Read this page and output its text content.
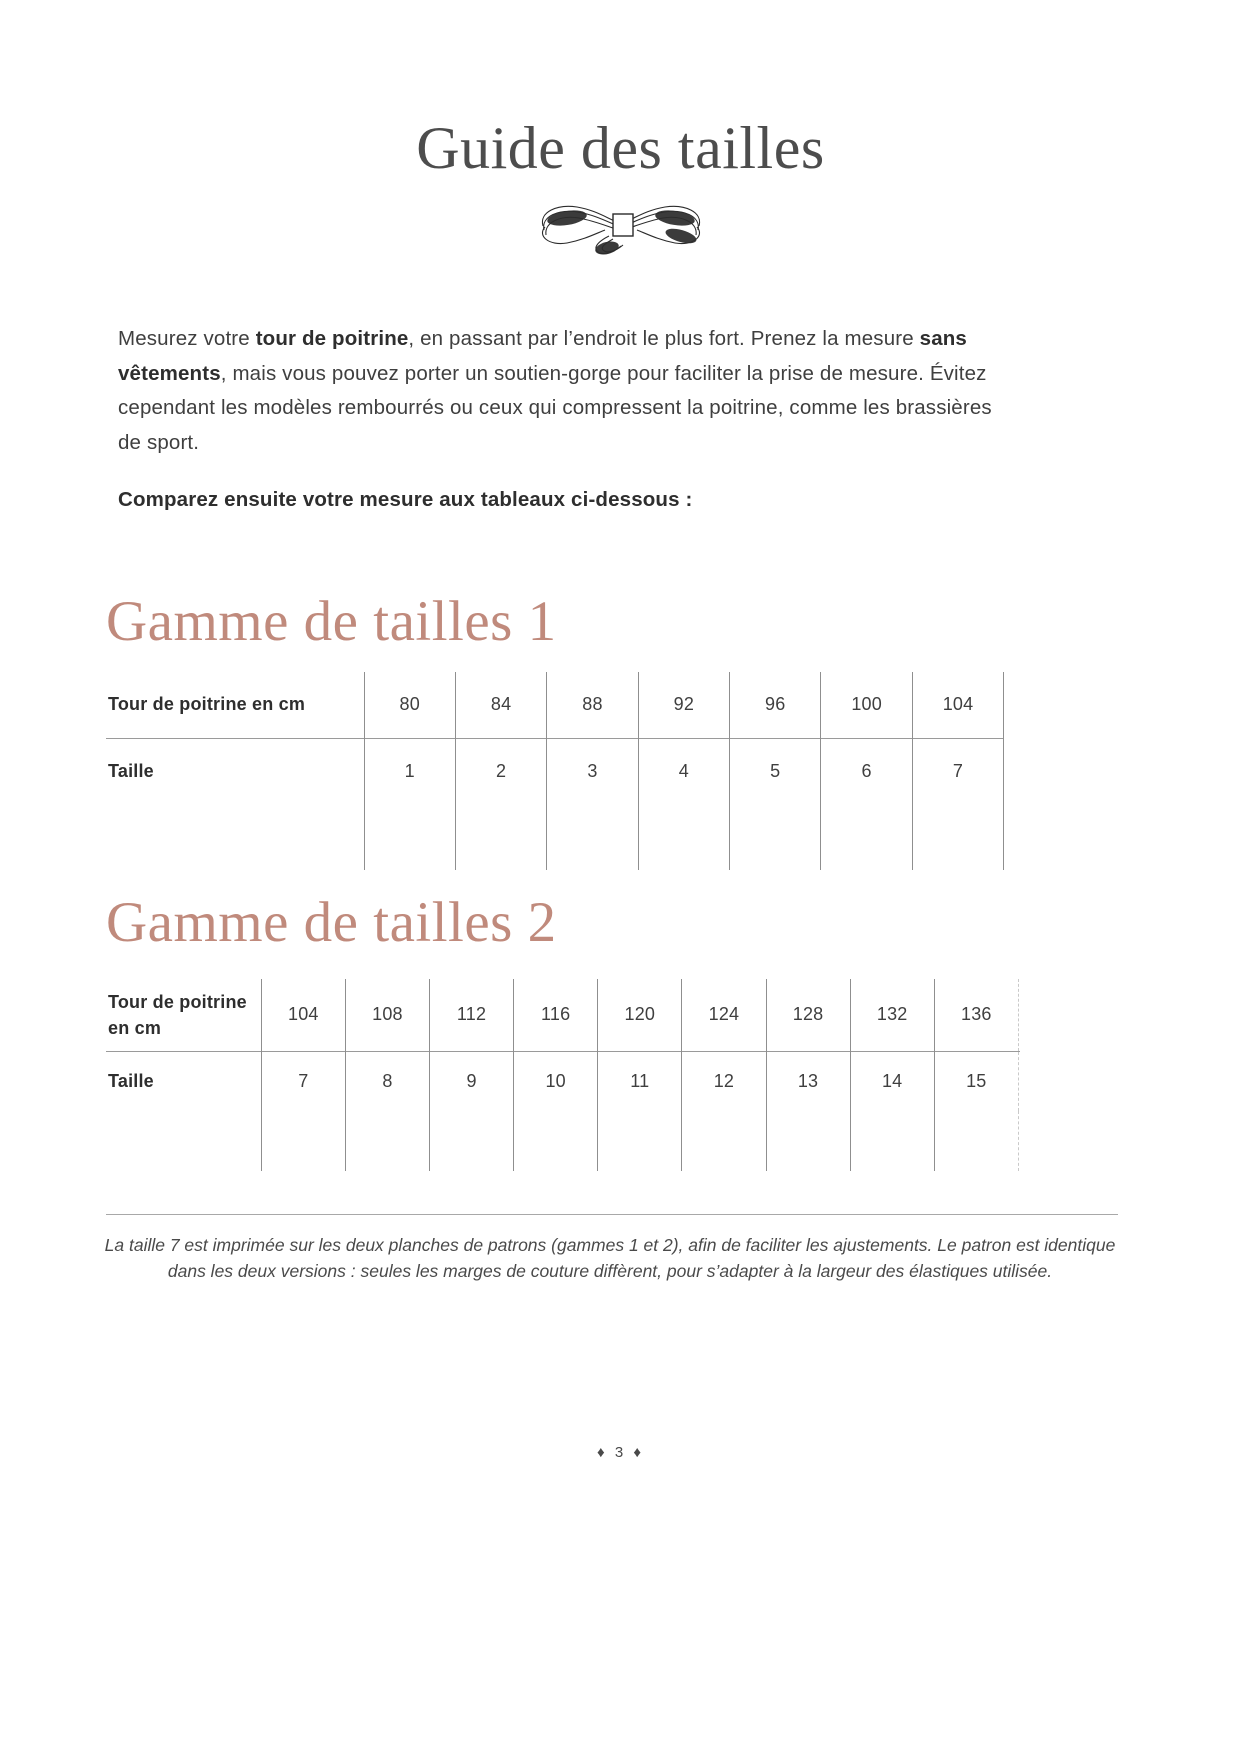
Guide des tailles

Mesurez votre tour de poitrine, en passant par l’endroit le plus fort. Prenez la mesure sans vêtements, mais vous pouvez porter un soutien-gorge pour faciliter la prise de mesure. Évitez cependant les modèles rembourrés ou ceux qui compressent la poitrine, comme les brassières de sport.

Comparez ensuite votre mesure aux tableaux ci-dessous :

Gamme de tailles 1
Tour de poitrine en cm	80	84	88	92	96	100	104	
Taille	1	2	3	4	5	6	7	

Gamme de tailles 2
Tour de poitrine en cm	104	108	112	116	120	124	128	132	136	
Taille	7	8	9	10	11	12	13	14	15	

La taille 7 est imprimée sur les deux planches de patrons (gammes 1 et 2), afin de faciliter les ajustements. Le patron est identique dans les deux versions : seules les marges de couture diffèrent, pour s’adapter à la largeur des élastiques utilisée.

♦ 3 ♦
